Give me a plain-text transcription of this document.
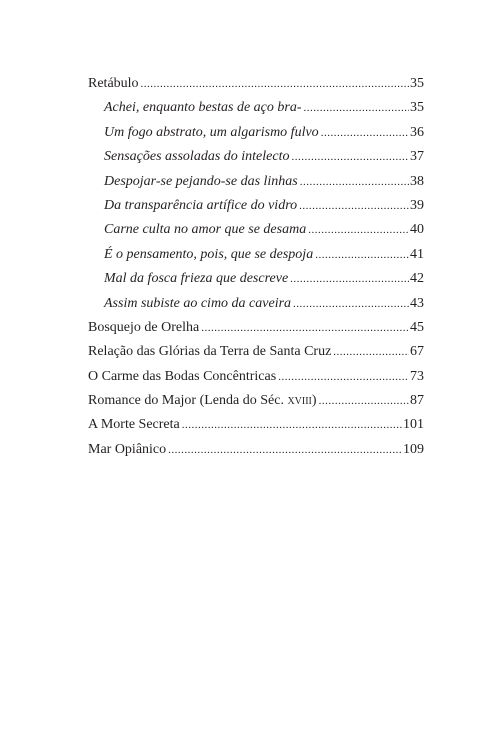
Retábulo .....	35
Achei, enquanto bestas de aço bra- .....	35
Um fogo abstrato, um algarismo fulvo .....	36
Sensações assoladas do intelecto .....	37
Despojar-se pejando-se das linhas .....	38
Da transparência artífice do vidro .....	39
Carne culta no amor que se desama .....	40
É o pensamento, pois, que se despoja .....	41
Mal da fosca frieza que descreve .....	42
Assim subiste ao cimo da caveira .....	43
Bosquejo de Orelha .....	45
Relação das Glórias da Terra de Santa Cruz .....	67
O Carme das Bodas Concêntricas .....	73
Romance do Major (Lenda do Séc. xviii) .....	87
A Morte Secreta .....	101
Mar Opiânico .....	109
